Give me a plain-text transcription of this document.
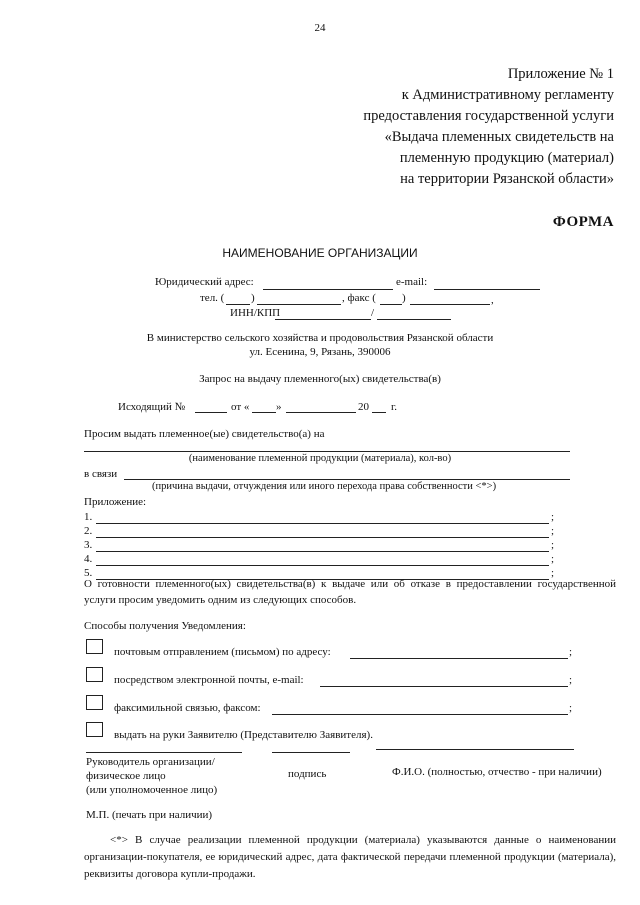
24
Приложение № 1
к Административному регламенту
предоставления государственной услуги
«Выдача племенных свидетельств на
племенную продукцию (материал)
на территории Рязанской области»
ФОРМА
НАИМЕНОВАНИЕ ОРГАНИЗАЦИИ
Юридический адрес:	e-mail:
тел. ( )	, факс ( )	,
ИНН/КПП	/
В министерство сельского хозяйства и продовольствия Рязанской области
ул. Есенина, 9, Рязань, 390006
Запрос на выдачу племенного(ых) свидетельства(в)
Исходящий №	от « »	20 г.
Просим выдать племенное(ые) свидетельство(а) на
(наименование племенной продукции (материала), кол-во)
в связи
(причина выдачи, отчуждения или иного перехода права собственности <*>)
Приложение:
1.	;
2.	;
3.	;
4.	;
5.	;
О готовности племенного(ых) свидетельства(в) к выдаче или об отказе в предоставлении государственной услуги просим уведомить одним из следующих способов.
Способы получения Уведомления:
почтовым отправлением (письмом) по адресу:	;
посредством электронной почты, e-mail:	;
факсимильной связью, факсом:	;
выдать на руки Заявителю (Представителю Заявителя).
Руководитель организации/
физическое лицо
(или уполномоченное лицо)
подпись	Ф.И.О. (полностью, отчество - при наличии)
М.П. (печать при наличии)
<*> В случае реализации племенной продукции (материала) указываются данные о наименовании организации-покупателя, ее юридический адрес, дата фактической передачи племенной продукции (материала), реквизиты договора купли-продажи.
